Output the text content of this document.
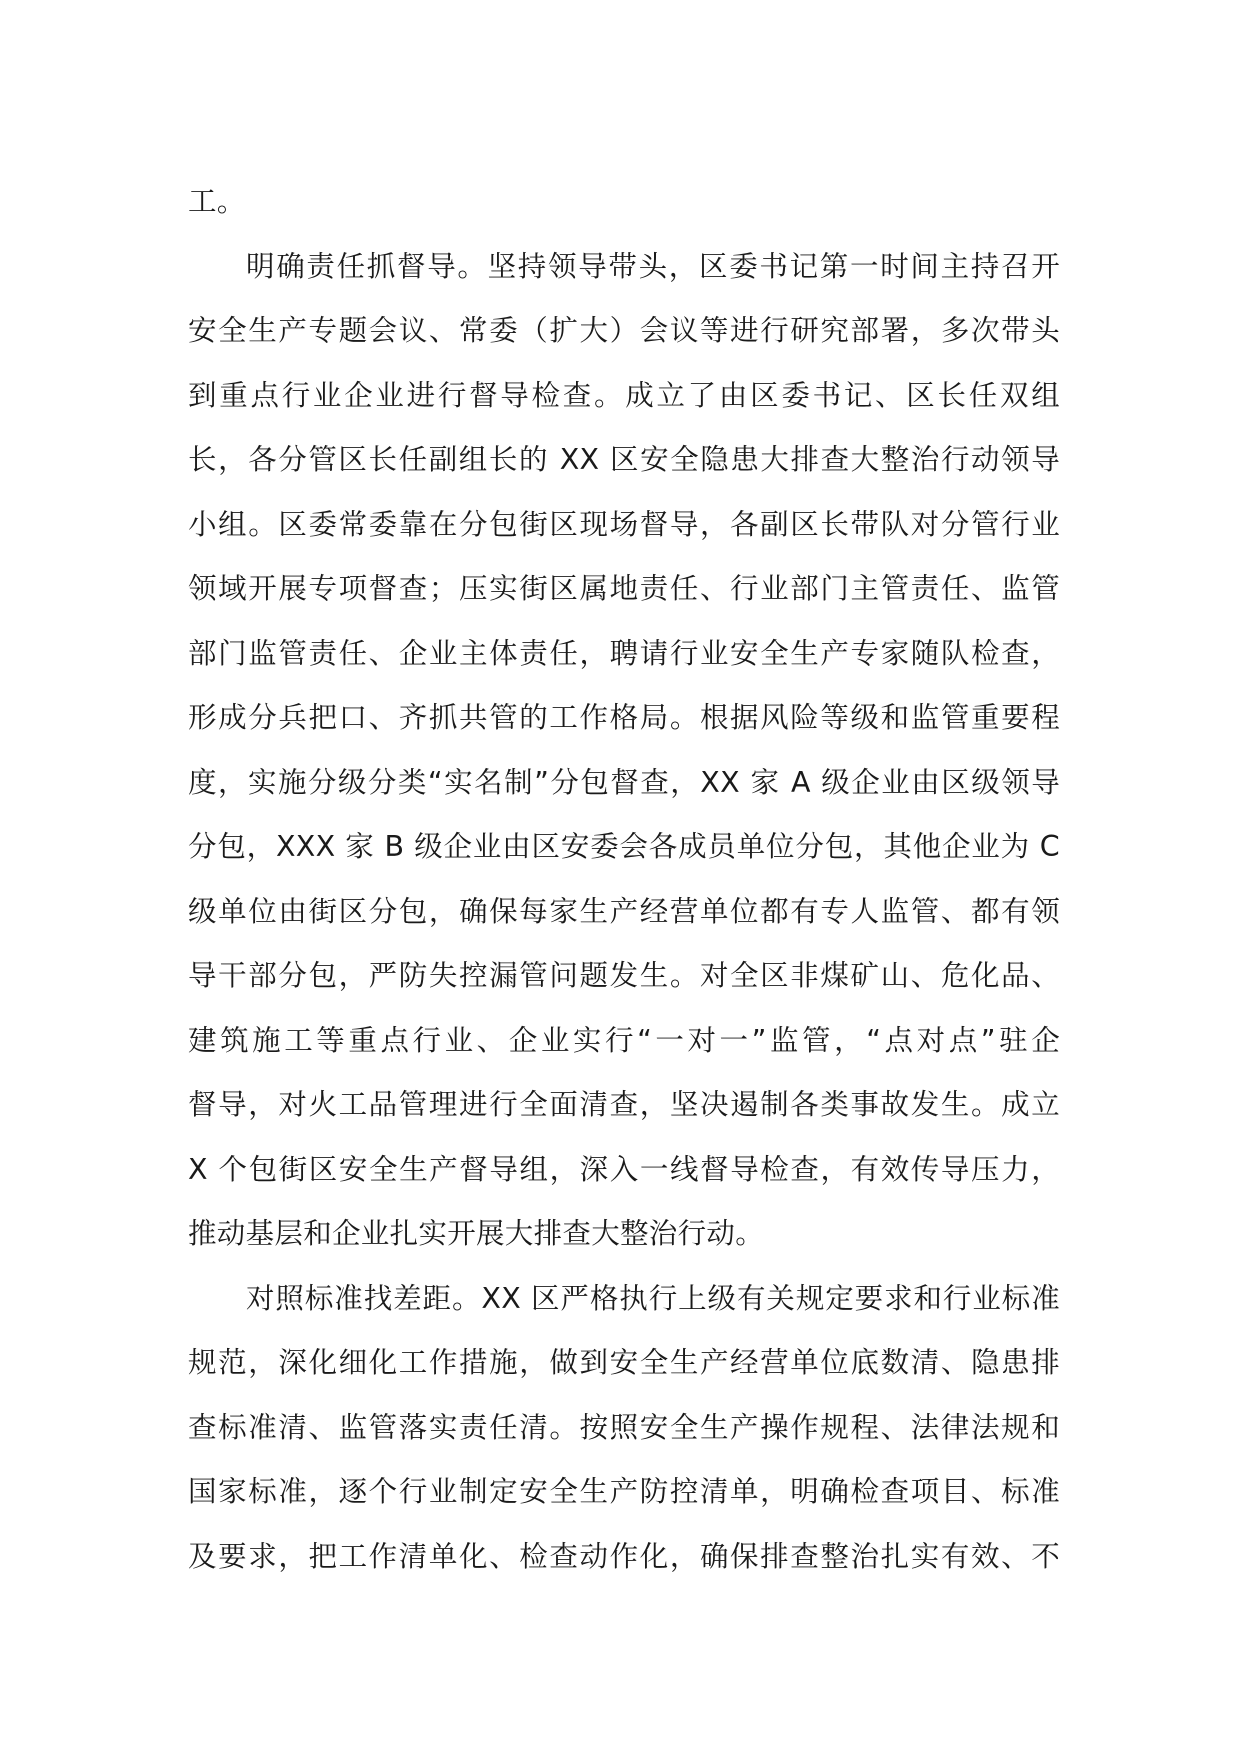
工。
明确责任抓督导。坚持领导带头，区委书记第一时间主持召开
安全生产专题会议、常委（扩大）会议等进行研究部署，多次带头
到重点行业企业进行督导检查。成立了由区委书记、区长任双组
长，各分管区长任副组长的 XX 区安全隐患大排查大整治行动领导
小组。区委常委靠在分包街区现场督导，各副区长带队对分管行业
领域开展专项督查；压实街区属地责任、行业部门主管责任、监管
部门监管责任、企业主体责任，聘请行业安全生产专家随队检查，
形成分兵把口、齐抓共管的工作格局。根据风险等级和监管重要程
度，实施分级分类“实名制”分包督查，XX 家 A 级企业由区级领导
分包，XXX 家 B 级企业由区安委会各成员单位分包，其他企业为 C
级单位由街区分包，确保每家生产经营单位都有专人监管、都有领
导干部分包，严防失控漏管问题发生。对全区非煤矿山、危化品、
建筑施工等重点行业、企业实行“一对一”监管，“点对点”驻企
督导，对火工品管理进行全面清查，坚决遏制各类事故发生。成立
X 个包街区安全生产督导组，深入一线督导检查，有效传导压力，
推动基层和企业扎实开展大排查大整治行动。
对照标准找差距。XX 区严格执行上级有关规定要求和行业标准
规范，深化细化工作措施，做到安全生产经营单位底数清、隐患排
查标准清、监管落实责任清。按照安全生产操作规程、法律法规和
国家标准，逐个行业制定安全生产防控清单，明确检查项目、标准
及要求，把工作清单化、检查动作化，确保排查整治扎实有效、不
